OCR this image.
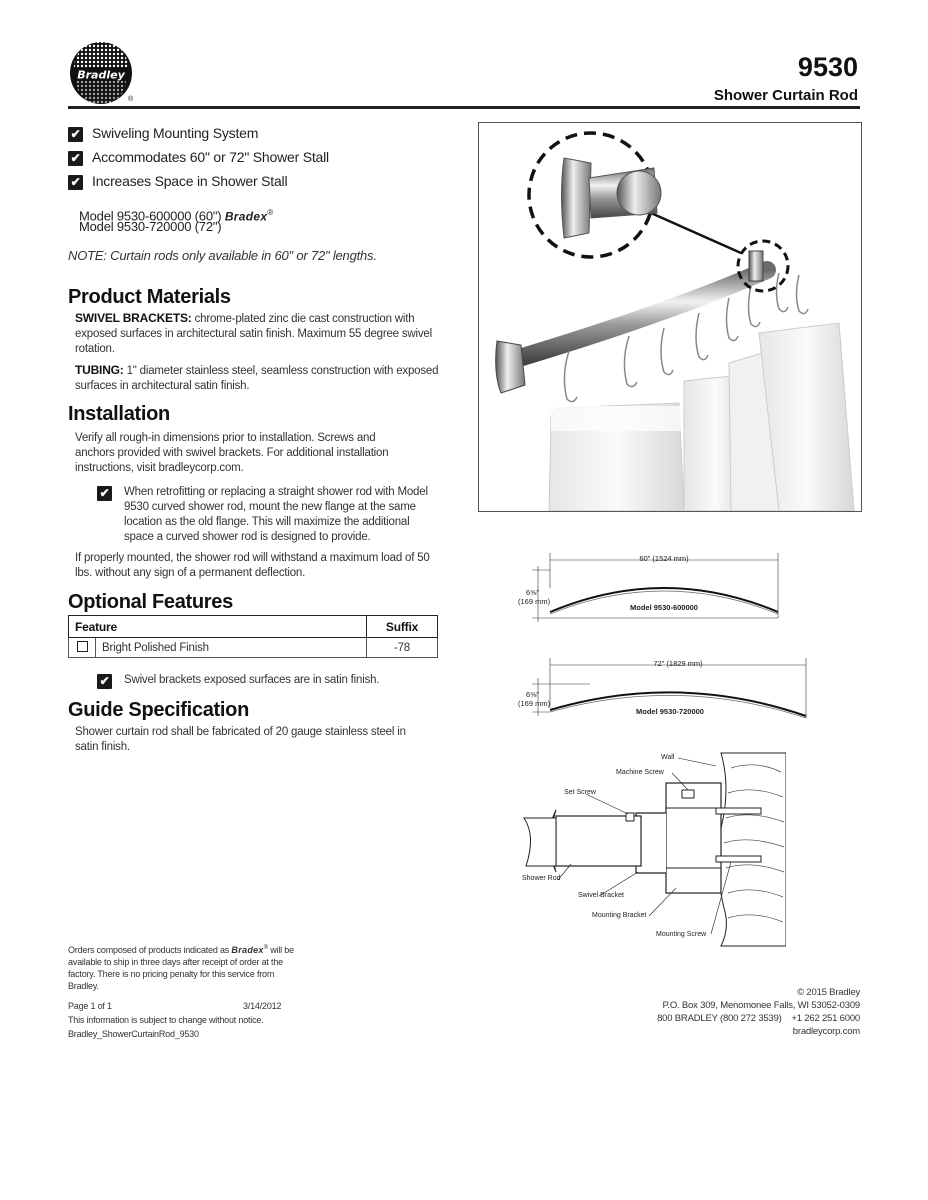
Bradley
®
9530
Shower Curtain Rod
✔ Swiveling Mounting System
✔ Accommodates 60" or 72" Shower Stall
✔ Increases Space in Shower Stall
Model 9530-600000 (60") Bradex®
Model 9530-720000 (72")
NOTE: Curtain rods only available in 60" or 72" lengths.
Product Materials
SWIVEL BRACKETS: chrome-plated zinc die cast construction with exposed surfaces in architectural satin finish. Maximum 55 degree swivel rotation.
TUBING: 1" diameter stainless steel, seamless construction with exposed surfaces in architectural satin finish.
Installation
Verify all rough-in dimensions prior to installation. Screws and anchors provided with swivel brackets. For additional installation instructions, visit bradleycorp.com.
✔ When retrofitting or replacing a straight shower rod with Model 9530 curved shower rod, mount the new flange at the same location as the old flange. This will maximize the additional space a curved shower rod is designed to provide.
If properly mounted, the shower rod will withstand a maximum load of 50 lbs. without any sign of a permanent deflection.
Optional Features
Feature		Suffix
	Bright Polished Finish	-78
✔ Swivel brackets exposed surfaces are in satin finish.
Guide Specification
Shower curtain rod shall be fabricated of 20 gauge stainless steel in satin finish.
60" (1524 mm)
6⅝"
(169 mm)
Model 9530-600000
72" (1829 mm)
6⅝"
(169 mm)
Model 9530-720000
Wall
Machine Screw
Set Screw
Shower Rod
Swivel Bracket
Mounting Bracket
Mounting Screw
Orders composed of products indicated as Bradex® will be available to ship in three days after receipt of order at the factory. There is no pricing penalty for this service from Bradley.
Page 1 of 1	3/14/2012
This information is subject to change without notice.
Bradley_ShowerCurtainRod_9530
© 2015 Bradley
P.O. Box 309, Menomonee Falls, WI 53052-0309
800 BRADLEY (800 272 3539) +1 262 251 6000
bradleycorp.com
